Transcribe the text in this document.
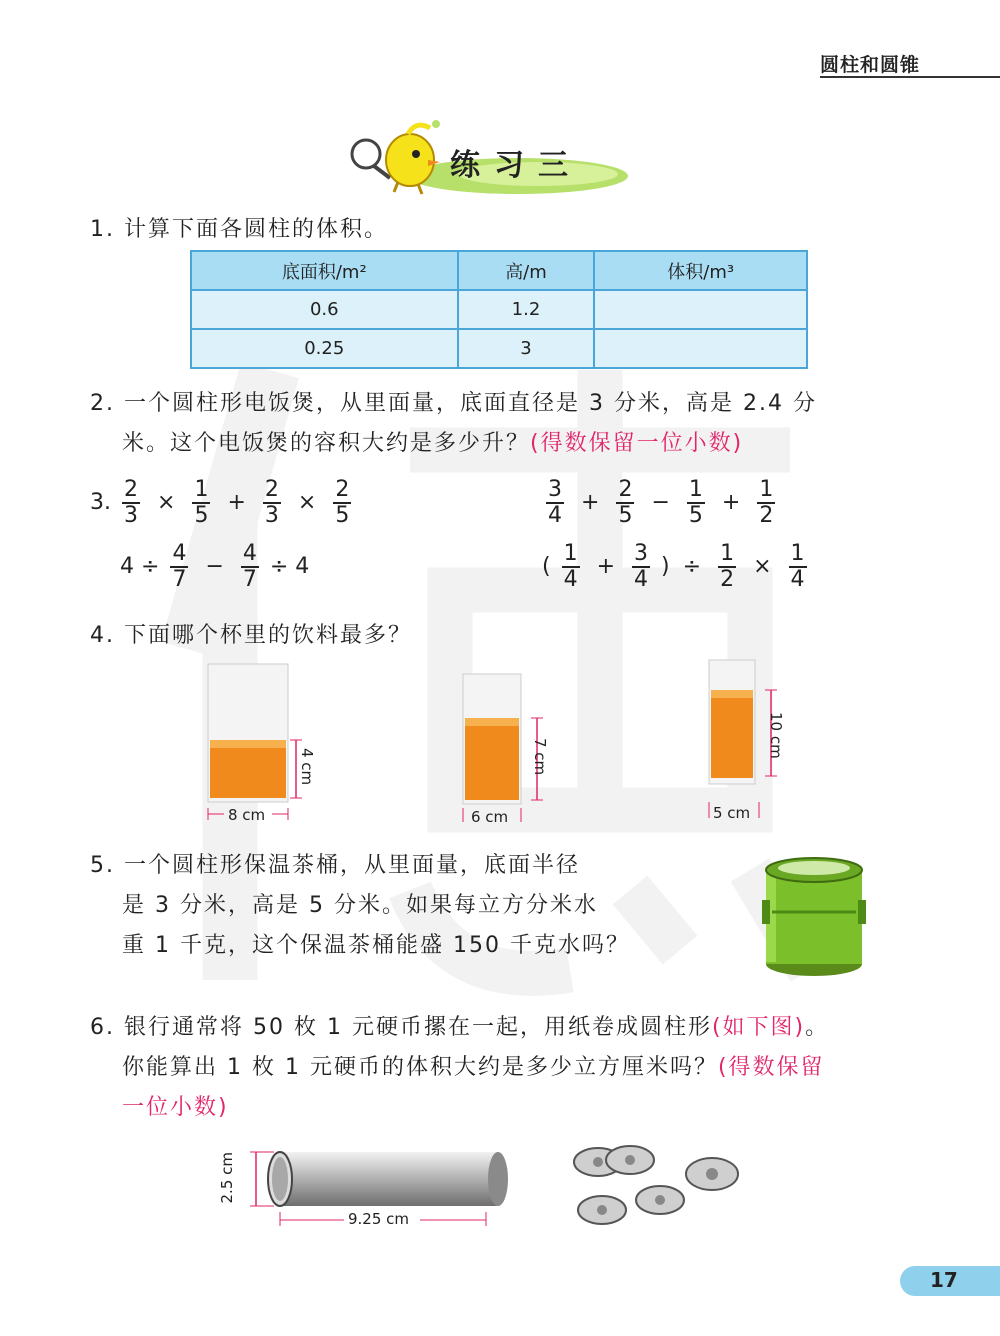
圆柱和圆锥
练习三
1. 计算下面各圆柱的体积。
底面积/m²	高/m	体积/m³
0.6	1.2	
0.25	3	
2. 一个圆柱形电饭煲，从里面量，底面直径是 3 分米，高是 2.4 分
米。这个电饭煲的容积大约是多少升？(得数保留一位小数)
3. $\frac{2}{3} \times \frac{1}{5} + \frac{2}{3} \times \frac{2}{5}$	$\frac{3}{4} + \frac{2}{5} - \frac{1}{5} + \frac{1}{2}$
$4 \div \frac{4}{7} - \frac{4}{7} \div 4$	( $\frac{1}{4} + \frac{3}{4}$ ) ÷ $\frac{1}{2} \times \frac{1}{4}$
4. 下面哪个杯里的饮料最多？
4 cm
8 cm
7 cm
6 cm
10 cm
5 cm
5. 一个圆柱形保温茶桶，从里面量，底面半径
是 3 分米，高是 5 分米。如果每立方分米水
重 1 千克，这个保温茶桶能盛 150 千克水吗？
6. 银行通常将 50 枚 1 元硬币摞在一起，用纸卷成圆柱形(如下图)。
你能算出 1 枚 1 元硬币的体积大约是多少立方厘米吗？(得数保留
一位小数)
2.5 cm
9.25 cm
17
